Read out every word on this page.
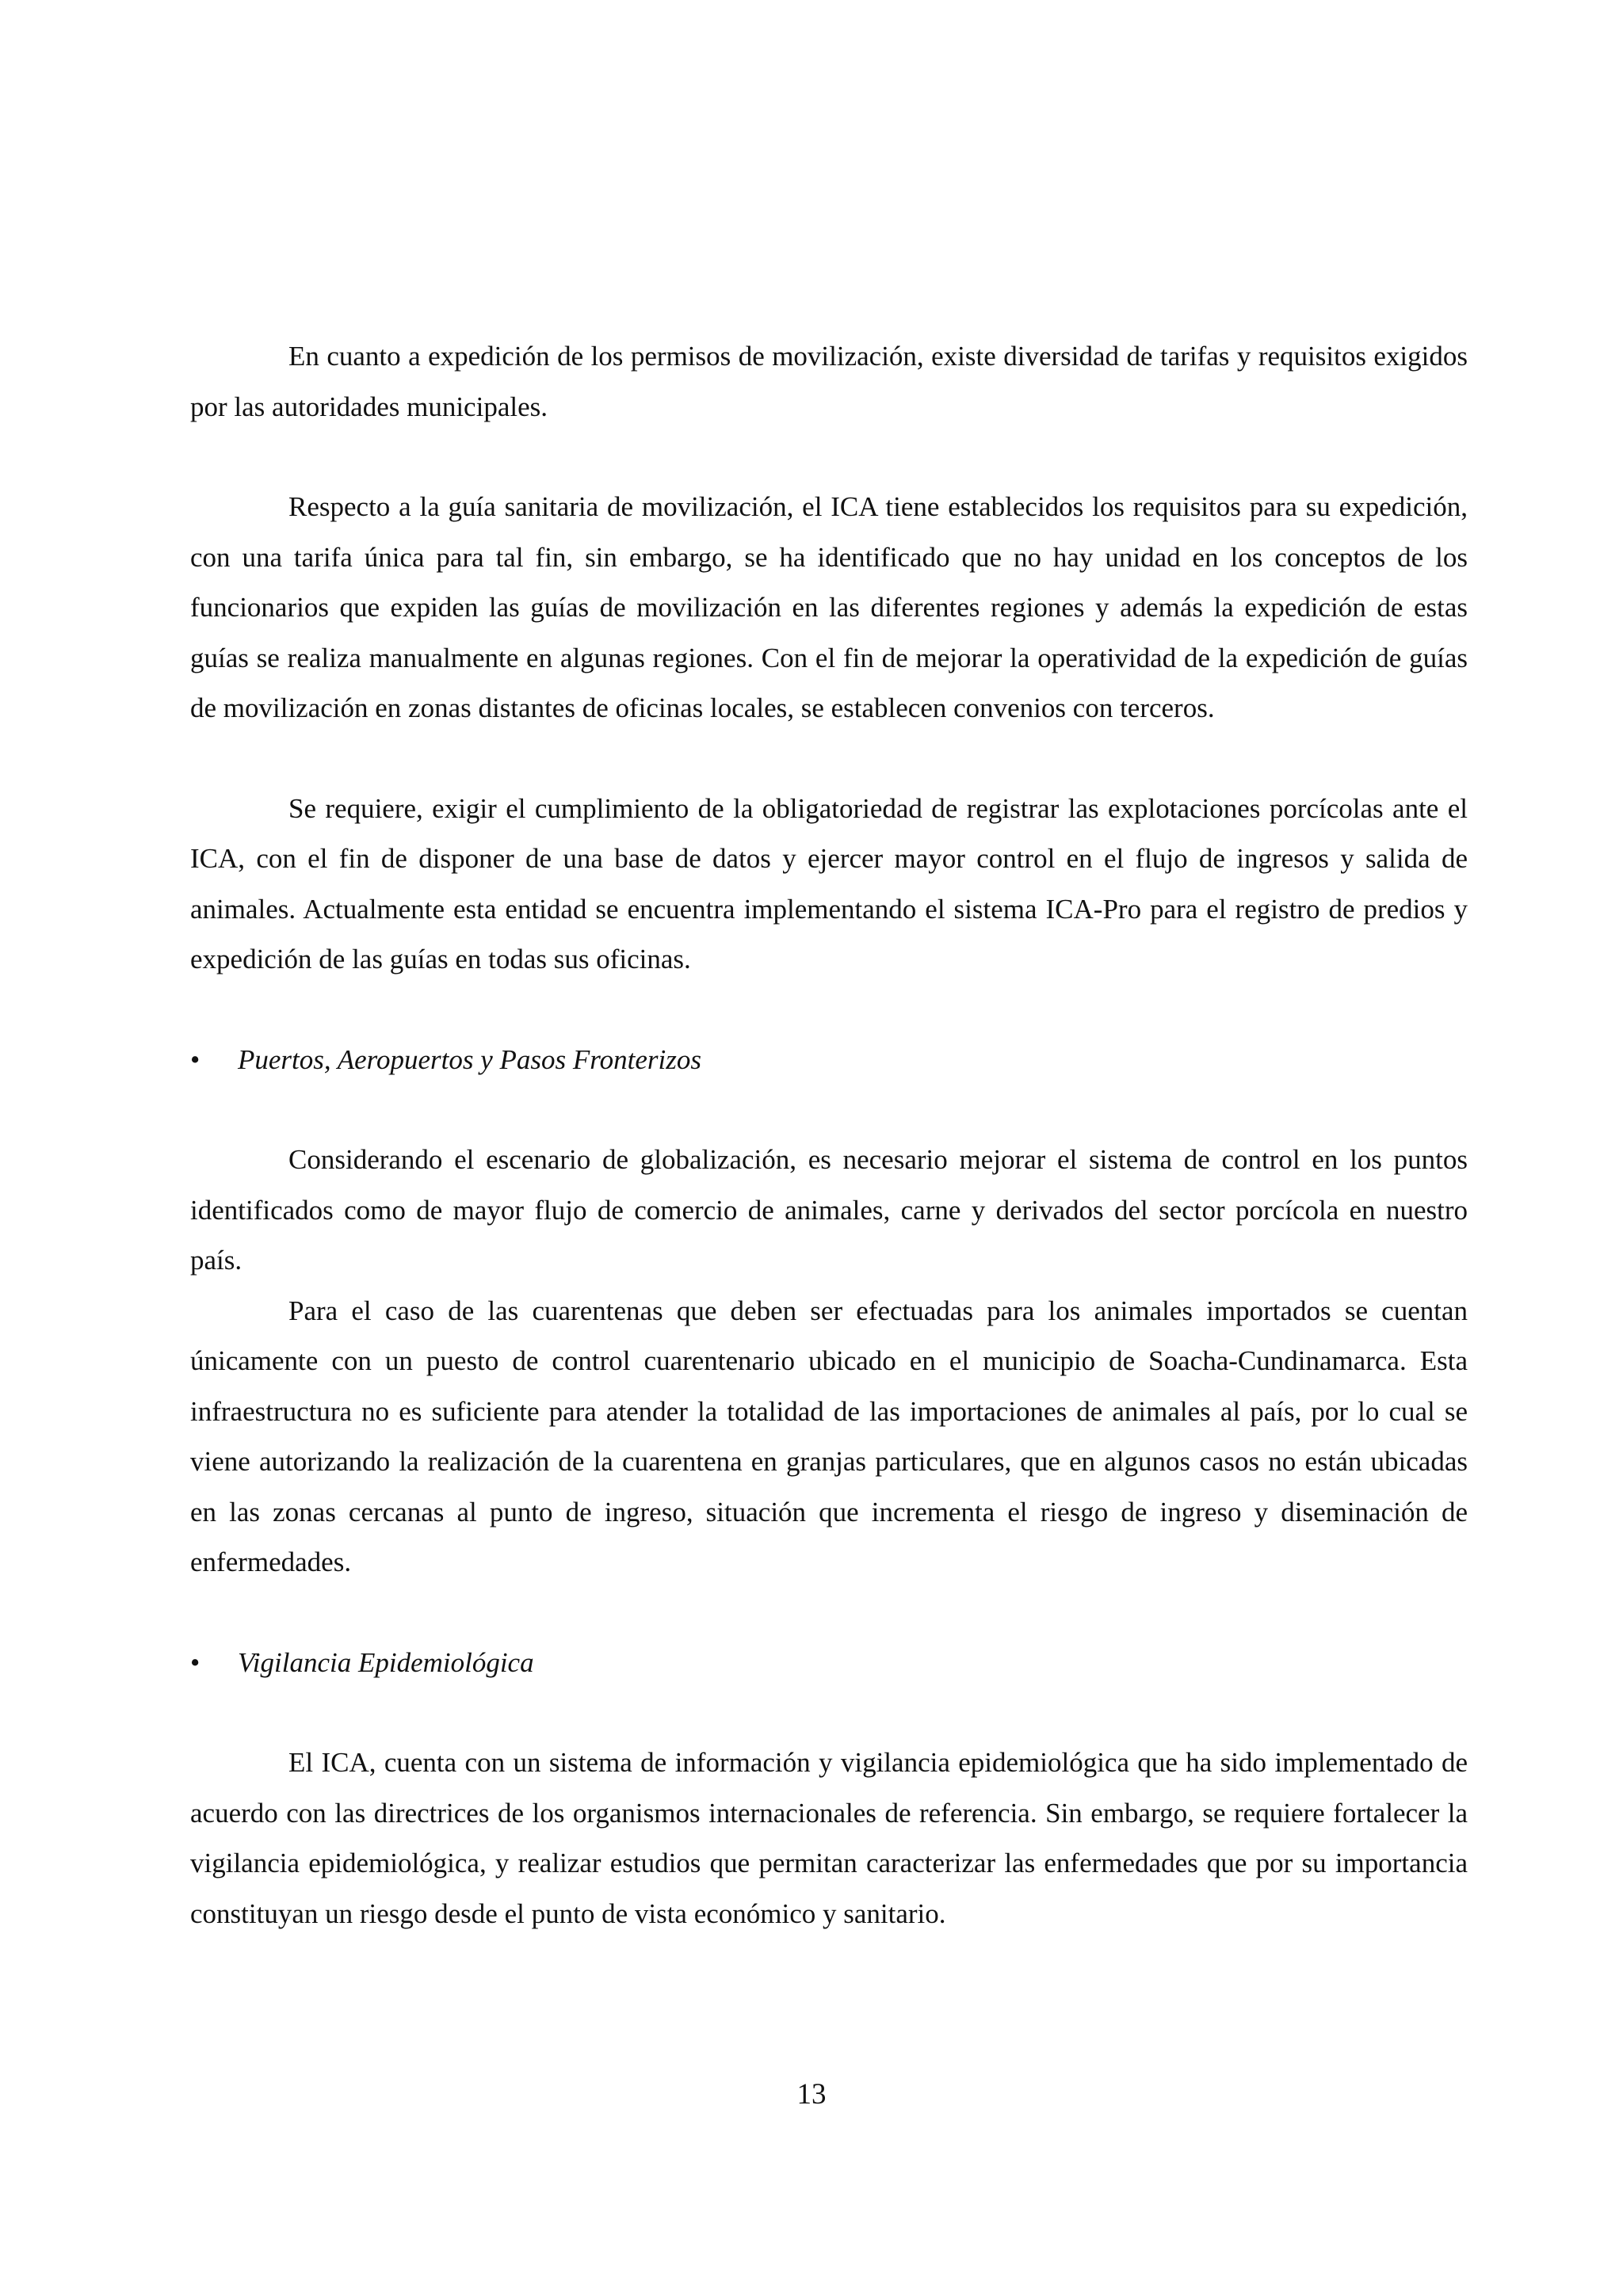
En cuanto a expedición de los permisos de movilización, existe diversidad de tarifas y requisitos exigidos por las autoridades municipales.

Respecto a la guía sanitaria de movilización, el ICA tiene establecidos los requisitos para su expedición, con una tarifa única para tal fin, sin embargo, se ha identificado que no hay unidad en los conceptos de los funcionarios que expiden las guías de movilización en las diferentes regiones y además la expedición de estas guías se realiza manualmente en algunas regiones. Con el fin de mejorar la operatividad de la expedición de guías de movilización en zonas distantes de oficinas locales, se establecen convenios con terceros.

Se requiere, exigir el cumplimiento de la obligatoriedad de registrar las explotaciones porcícolas ante el ICA, con el fin de disponer de una base de datos y ejercer mayor control en el flujo de ingresos y salida de animales. Actualmente esta entidad se encuentra implementando el sistema ICA-Pro para el registro de predios y expedición de las guías en todas sus oficinas.

•	Puertos, Aeropuertos y Pasos Fronterizos

Considerando el escenario de globalización, es necesario mejorar el sistema de control en los puntos identificados como de mayor flujo de comercio de animales, carne y derivados del sector porcícola en nuestro país.

Para el caso de las cuarentenas que deben ser efectuadas para los animales importados se cuentan únicamente con un puesto de control cuarentenario ubicado en el municipio de Soacha-Cundinamarca. Esta infraestructura no es suficiente para atender la totalidad de las importaciones de animales al país, por lo cual se viene autorizando la realización de la cuarentena en granjas particulares, que en algunos casos no están ubicadas en las zonas cercanas al punto de ingreso, situación que incrementa el riesgo de ingreso y diseminación de enfermedades.

•	Vigilancia Epidemiológica

El ICA, cuenta con un sistema de información y vigilancia epidemiológica que ha sido implementado de acuerdo con las directrices de los organismos internacionales de referencia. Sin embargo, se requiere fortalecer la vigilancia epidemiológica, y realizar estudios que permitan caracterizar las enfermedades que por su importancia constituyan un riesgo desde el punto de vista económico y sanitario.

13
